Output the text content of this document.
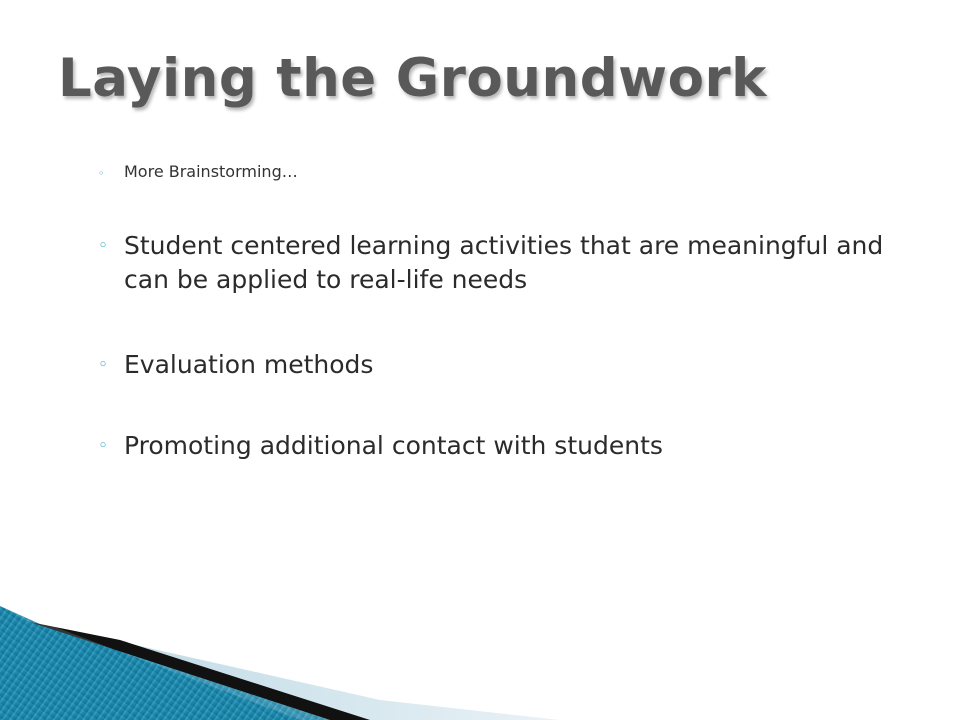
Laying the Groundwork
◦ More Brainstorming…
◦ Student centered learning activities that are meaningful and can be applied to real-life needs
◦ Evaluation methods
◦ Promoting additional contact with students
